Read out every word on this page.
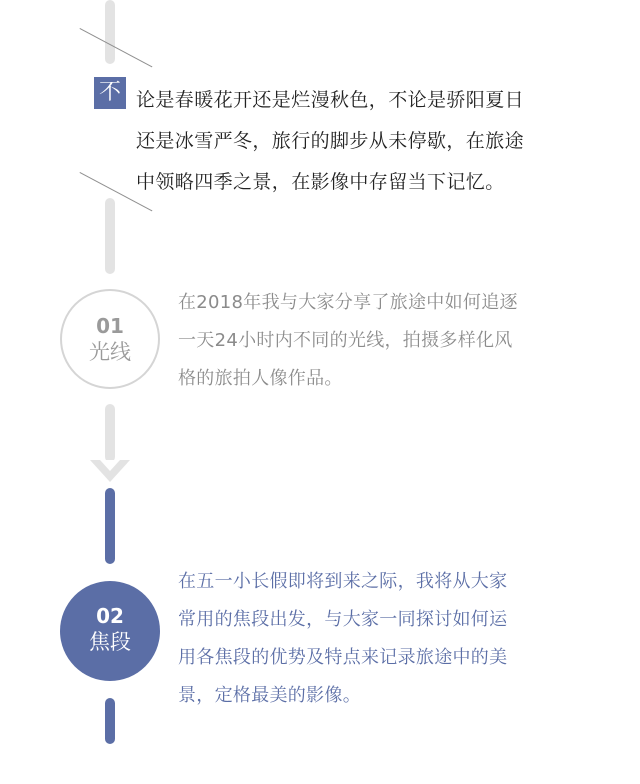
不 论是春暖花开还是烂漫秋色，不论是骄阳夏日
还是冰雪严冬，旅行的脚步从未停歇，在旅途
中领略四季之景，在影像中存留当下记忆。
01
光线
在2018年我与大家分享了旅途中如何追逐
一天24小时内不同的光线，拍摄多样化风
格的旅拍人像作品。
02
焦段
在五一小长假即将到来之际，我将从大家
常用的焦段出发，与大家一同探讨如何运
用各焦段的优势及特点来记录旅途中的美
景，定格最美的影像。
